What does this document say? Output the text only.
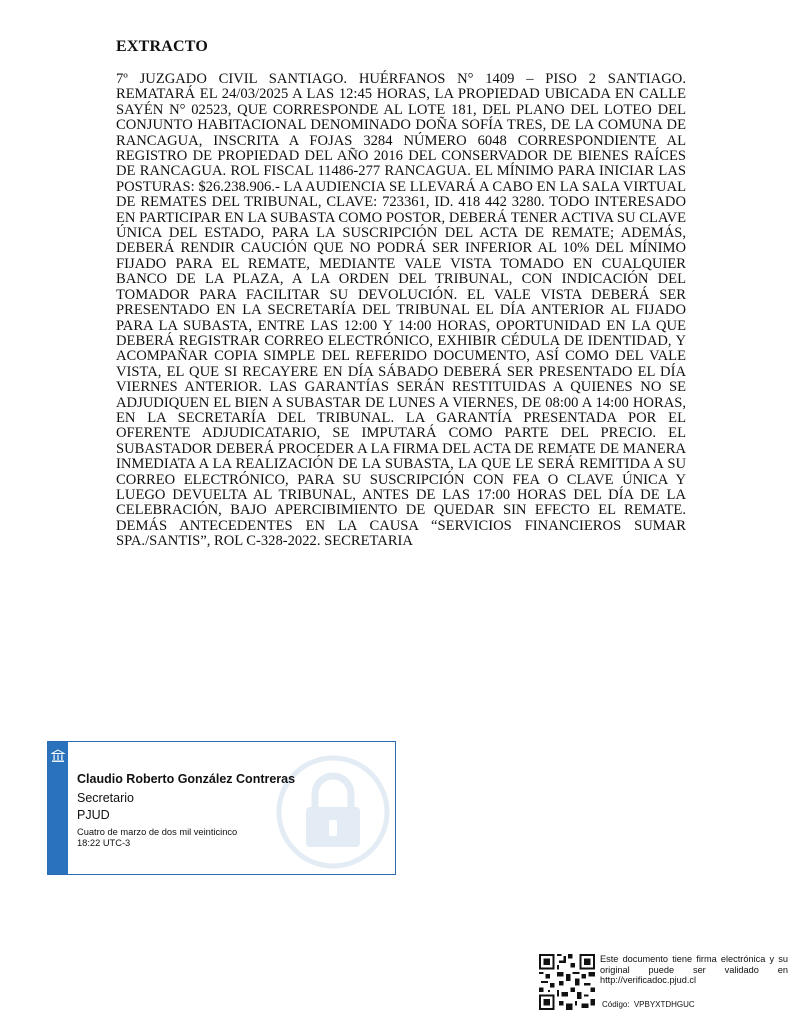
EXTRACTO
7º JUZGADO CIVIL SANTIAGO. HUÉRFANOS N° 1409 – PISO 2 SANTIAGO. REMATARÁ EL 24/03/2025 A LAS 12:45 HORAS, LA PROPIEDAD UBICADA EN CALLE SAYÉN N° 02523, QUE CORRESPONDE AL LOTE 181, DEL PLANO DEL LOTEO DEL CONJUNTO HABITACIONAL DENOMINADO DOÑA SOFÍA TRES, DE LA COMUNA DE RANCAGUA, INSCRITA A FOJAS 3284 NÚMERO 6048 CORRESPONDIENTE AL REGISTRO DE PROPIEDAD DEL AÑO 2016 DEL CONSERVADOR DE BIENES RAÍCES DE RANCAGUA. ROL FISCAL 11486-277 RANCAGUA. EL MÍNIMO PARA INICIAR LAS POSTURAS: $26.238.906.- LA AUDIENCIA SE LLEVARÁ A CABO EN LA SALA VIRTUAL DE REMATES DEL TRIBUNAL, CLAVE: 723361, ID. 418 442 3280. TODO INTERESADO EN PARTICIPAR EN LA SUBASTA COMO POSTOR, DEBERÁ TENER ACTIVA SU CLAVE ÚNICA DEL ESTADO, PARA LA SUSCRIPCIÓN DEL ACTA DE REMATE; ADEMÁS, DEBERÁ RENDIR CAUCIÓN QUE NO PODRÁ SER INFERIOR AL 10% DEL MÍNIMO FIJADO PARA EL REMATE, MEDIANTE VALE VISTA TOMADO EN CUALQUIER BANCO DE LA PLAZA, A LA ORDEN DEL TRIBUNAL, CON INDICACIÓN DEL TOMADOR PARA FACILITAR SU DEVOLUCIÓN. EL VALE VISTA DEBERÁ SER PRESENTADO EN LA SECRETARÍA DEL TRIBUNAL EL DÍA ANTERIOR AL FIJADO PARA LA SUBASTA, ENTRE LAS 12:00 Y 14:00 HORAS, OPORTUNIDAD EN LA QUE DEBERÁ REGISTRAR CORREO ELECTRÓNICO, EXHIBIR CÉDULA DE IDENTIDAD, Y ACOMPAÑAR COPIA SIMPLE DEL REFERIDO DOCUMENTO, ASÍ COMO DEL VALE VISTA, EL QUE SI RECAYERE EN DÍA SÁBADO DEBERÁ SER PRESENTADO EL DÍA VIERNES ANTERIOR. LAS GARANTÍAS SERÁN RESTITUIDAS A QUIENES NO SE ADJUDIQUEN EL BIEN A SUBASTAR DE LUNES A VIERNES, DE 08:00 A 14:00 HORAS, EN LA SECRETARÍA DEL TRIBUNAL. LA GARANTÍA PRESENTADA POR EL OFERENTE ADJUDICATARIO, SE IMPUTARÁ COMO PARTE DEL PRECIO. EL SUBASTADOR DEBERÁ PROCEDER A LA FIRMA DEL ACTA DE REMATE DE MANERA INMEDIATA A LA REALIZACIÓN DE LA SUBASTA, LA QUE LE SERÁ REMITIDA A SU CORREO ELECTRÓNICO, PARA SU SUSCRIPCIÓN CON FEA O CLAVE ÚNICA Y LUEGO DEVUELTA AL TRIBUNAL, ANTES DE LAS 17:00 HORAS DEL DÍA DE LA CELEBRACIÓN, BAJO APERCIBIMIENTO DE QUEDAR SIN EFECTO EL REMATE. DEMÁS ANTECEDENTES EN LA CAUSA “SERVICIOS FINANCIEROS SUMAR SPA./SANTIS”, ROL C-328-2022. SECRETARIA
Claudio Roberto González Contreras
Secretario
PJUD
Cuatro de marzo de dos mil veinticinco
18:22 UTC-3
Este documento tiene firma electrónica y su original puede ser validado en http://verificadoc.pjud.cl
Código: VPBYXTDHGUC
